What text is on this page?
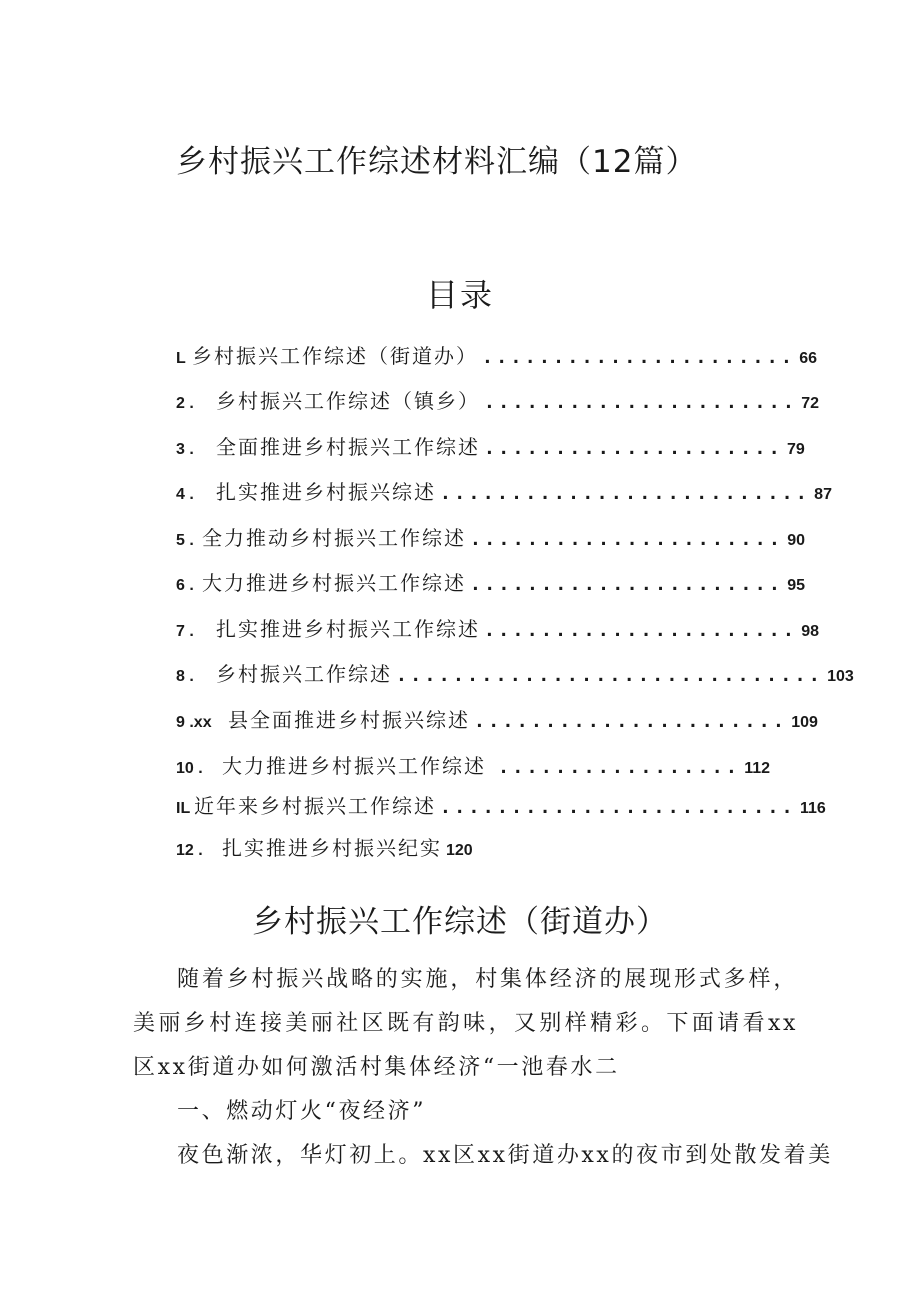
乡村振兴工作综述材料汇编（12篇）
目录
L 乡村振兴工作综述（街道办） ...................... 66
2 .	乡村振兴工作综述（镇乡） ...................... 72
3 .	全面推进乡村振兴工作综述 ..................... 79
4 .	扎实推进乡村振兴综述 .......................... 87
5 . 全力推动乡村振兴工作综述 ...................... 90
6 . 大力推进乡村振兴工作综述 ...................... 95
7 .	扎实推进乡村振兴工作综述 ...................... 98
8 .	乡村振兴工作综述 .............................. 103
9 .xx 县全面推进乡村振兴综述 ...................... 109
10 . 大力推进乡村振兴工作综述 ................. 112
IL 近年来乡村振兴工作综述 ......................... 116
12 . 扎实推进乡村振兴纪实 120
乡村振兴工作综述（街道办）

随着乡村振兴战略的实施，村集体经济的展现形式多样，美丽乡村连接美丽社区既有韵味，又别样精彩。下面请看xx区xx街道办如何激活村集体经济“一池春水二

一、燃动灯火“夜经济”

夜色渐浓，华灯初上。xx区xx街道办xx的夜市到处散发着美
